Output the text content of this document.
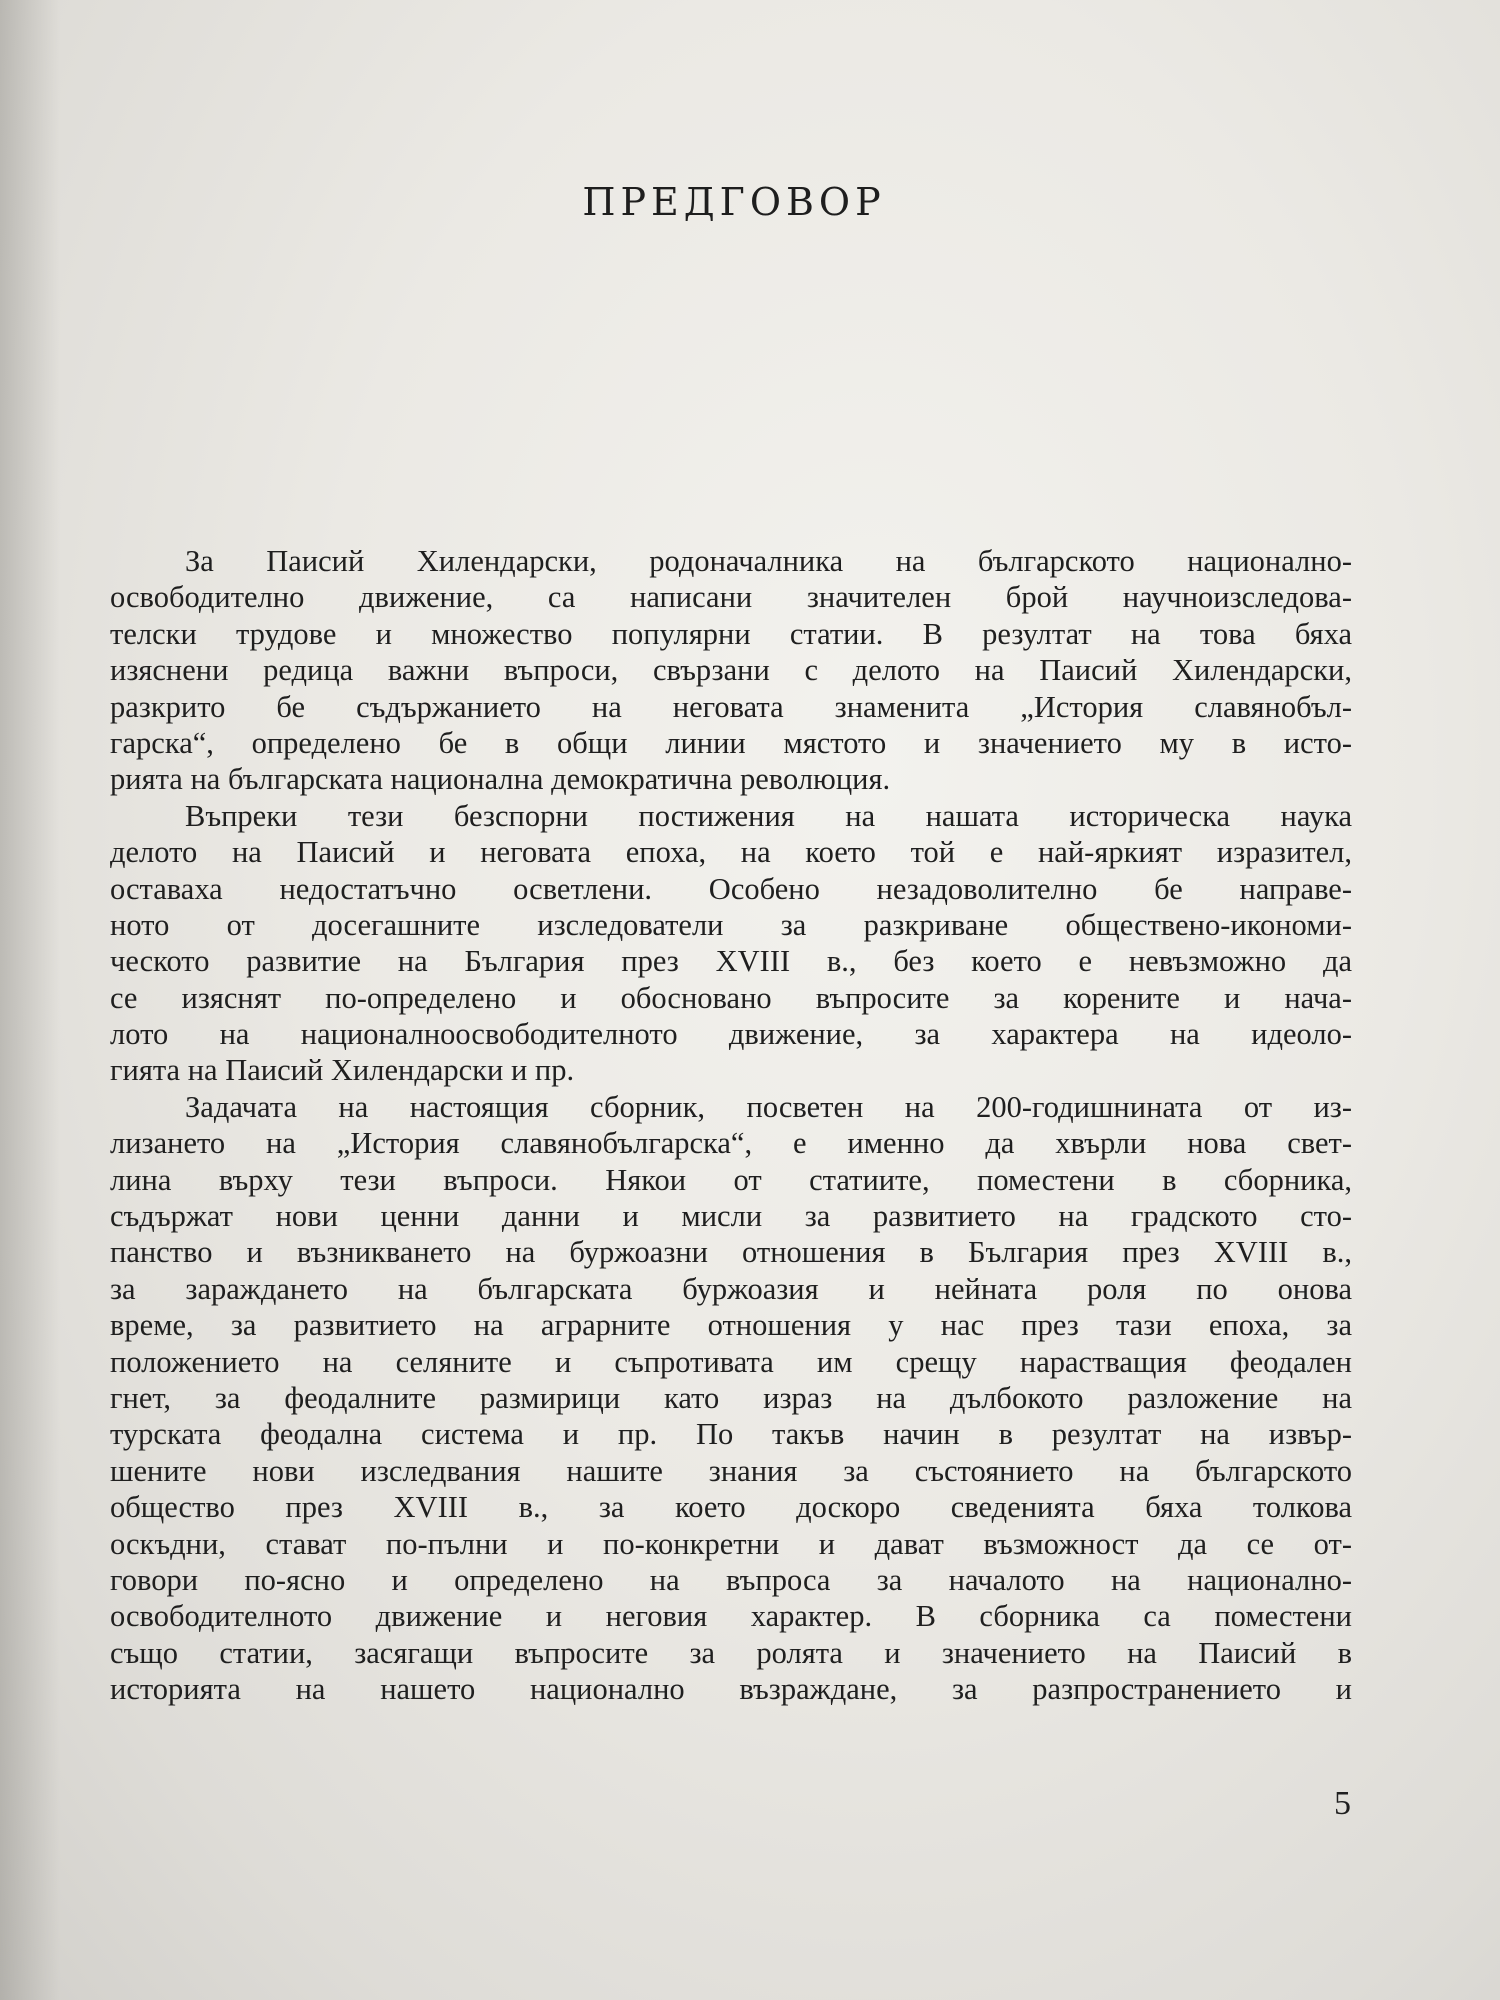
ПРЕДГОВОР
За Паисий Хилендарски, родоначалника на българското национално-
освободително движение, са написани значителен брой научноизследова-
телски трудове и множество популярни статии. В резултат на това бяха
изяснени редица важни въпроси, свързани с делото на Паисий Хилендарски,
разкрито бе съдържанието на неговата знаменита „История славянобъл-
гарска“, определено бе в общи линии мястото и значението му в исто-
рията на българската национална демократична революция.
Въпреки тези безспорни постижения на нашата историческа наука
делото на Паисий и неговата епоха, на което той е най-яркият изразител,
оставаха недостатъчно осветлени. Особено незадоволително бе направе-
ното от досегашните изследователи за разкриване обществено-икономи-
ческото развитие на България през XVIII в., без което е невъзможно да
се изяснят по-определено и обосновано въпросите за корените и нача-
лото на националноосвободителното движение, за характера на идеоло-
гията на Паисий Хилендарски и пр.
Задачата на настоящия сборник, посветен на 200-годишнината от из-
лизането на „История славянобългарска“, е именно да хвърли нова свет-
лина върху тези въпроси. Някои от статиите, поместени в сборника,
съдържат нови ценни данни и мисли за развитието на градското сто-
панство и възникването на буржоазни отношения в България през XVIII в.,
за зараждането на българската буржоазия и нейната роля по онова
време, за развитието на аграрните отношения у нас през тази епоха, за
положението на селяните и съпротивата им срещу нарастващия феодален
гнет, за феодалните размирици като израз на дълбокото разложение на
турската феодална система и пр. По такъв начин в резултат на извър-
шените нови изследвания нашите знания за състоянието на българското
общество през XVIII в., за което доскоро сведенията бяха толкова
оскъдни, стават по-пълни и по-конкретни и дават възможност да се от-
говори по-ясно и определено на въпроса за началото на национално-
освободителното движение и неговия характер. В сборника са поместени
също статии, засягащи въпросите за ролята и значението на Паисий в
историята на нашето национално възраждане, за разпространението и
5
